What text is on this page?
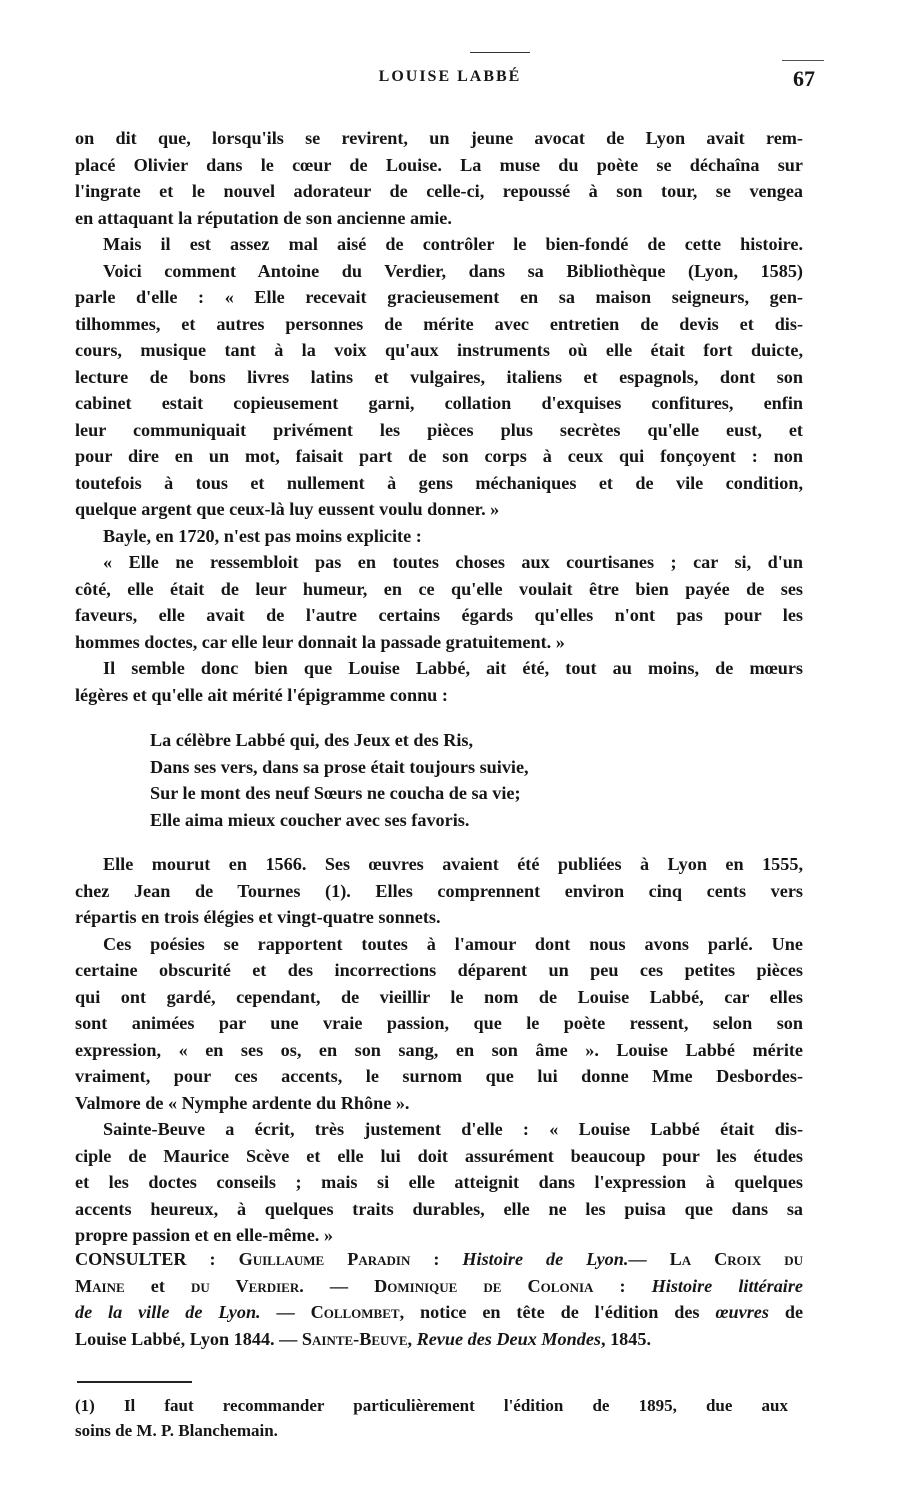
LOUISE LABBÉ	67
on dit que, lorsqu'ils se revirent, un jeune avocat de Lyon avait rem-
placé Olivier dans le cœur de Louise. La muse du poète se déchaîna sur
l'ingrate et le nouvel adorateur de celle-ci, repoussé à son tour, se vengea
en attaquant la réputation de son ancienne amie.
Mais il est assez mal aisé de contrôler le bien-fondé de cette histoire.
Voici comment Antoine du Verdier, dans sa Bibliothèque (Lyon, 1585)
parle d'elle : « Elle recevait gracieusement en sa maison seigneurs, gen-
tilhommes, et autres personnes de mérite avec entretien de devis et dis-
cours, musique tant à la voix qu'aux instruments où elle était fort duicte,
lecture de bons livres latins et vulgaires, italiens et espagnols, dont son
cabinet estait copieusement garni, collation d'exquises confitures, enfin
leur communiquait privément les pièces plus secrètes qu'elle eust, et
pour dire en un mot, faisait part de son corps à ceux qui fonçoyent : non
toutefois à tous et nullement à gens méchaniques et de vile condition,
quelque argent que ceux-là luy eussent voulu donner. »
Bayle, en 1720, n'est pas moins explicite :
« Elle ne ressembloit pas en toutes choses aux courtisanes ; car si, d'un
côté, elle était de leur humeur, en ce qu'elle voulait être bien payée de ses
faveurs, elle avait de l'autre certains égards qu'elles n'ont pas pour les
hommes doctes, car elle leur donnait la passade gratuitement. »
Il semble donc bien que Louise Labbé, ait été, tout au moins, de mœurs
légères et qu'elle ait mérité l'épigramme connu :
La célèbre Labbé qui, des Jeux et des Ris,
Dans ses vers, dans sa prose était toujours suivie,
Sur le mont des neuf Sœurs ne coucha de sa vie;
Elle aima mieux coucher avec ses favoris.
Elle mourut en 1566. Ses œuvres avaient été publiées à Lyon en 1555,
chez Jean de Tournes (1). Elles comprennent environ cinq cents vers
répartis en trois élégies et vingt-quatre sonnets.
Ces poésies se rapportent toutes à l'amour dont nous avons parlé. Une
certaine obscurité et des incorrections déparent un peu ces petites pièces
qui ont gardé, cependant, de vieillir le nom de Louise Labbé, car elles
sont animées par une vraie passion, que le poète ressent, selon son
expression, « en ses os, en son sang, en son âme ». Louise Labbé mérite
vraiment, pour ces accents, le surnom que lui donne Mme Desbordes-
Valmore de « Nymphe ardente du Rhône ».
Sainte-Beuve a écrit, très justement d'elle : « Louise Labbé était dis-
ciple de Maurice Scève et elle lui doit assurément beaucoup pour les études
et les doctes conseils ; mais si elle atteignit dans l'expression à quelques
accents heureux, à quelques traits durables, elle ne les puisa que dans sa
propre passion et en elle-même. »
CONSULTER : Guillaume Paradin : Histoire de Lyon.— La Croix du
Maine et du Verdier. — Dominique de Colonia : Histoire littéraire
de la ville de Lyon. — Collombet, notice en tête de l'édition des œuvres de
Louise Labbé, Lyon 1844. — Sainte-Beuve, Revue des Deux Mondes, 1845.
(1) Il faut recommander particulièrement l'édition de 1895, due aux
soins de M. P. Blanchemain.
